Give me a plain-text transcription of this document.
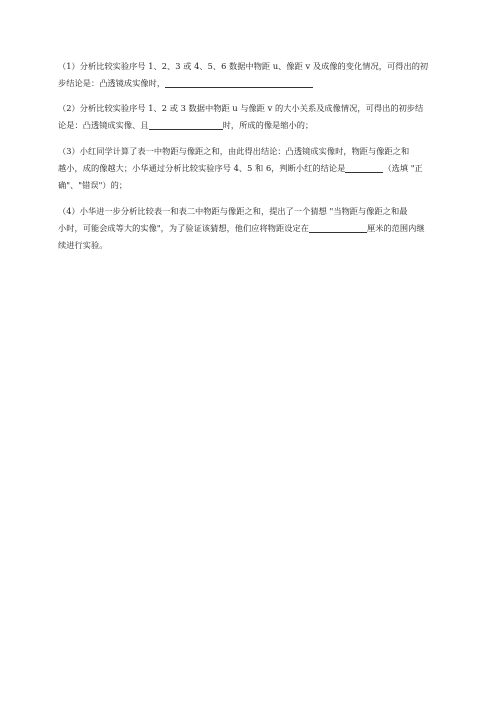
（1）分析比较实验序号 1、2、3 或 4、5、6 数据中物距 u、像距 v 及成像的变化情况，可得出的初
步结论是：凸透镜成实像时，
（2）分析比较实验序号 1、2 或 3 数据中物距 u 与像距 v 的大小关系及成像情况，可得出的初步结
论是：凸透镜成实像、且	时，所成的像是缩小的；
（3）小红同学计算了表一中物距与像距之和，由此得出结论：凸透镜成实像时，物距与像距之和
越小，成的像越大；小华通过分析比较实验序号 4、5 和 6，判断小红的结论是	（选填 "正
确"、"错误"）的；
（4）小华进一步分析比较表一和表二中物距与像距之和，提出了一个猜想 "当物距与像距之和最
小时，可能会成等大的实像"，为了验证该猜想，他们应将物距设定在	厘米的范围内继
续进行实验。
